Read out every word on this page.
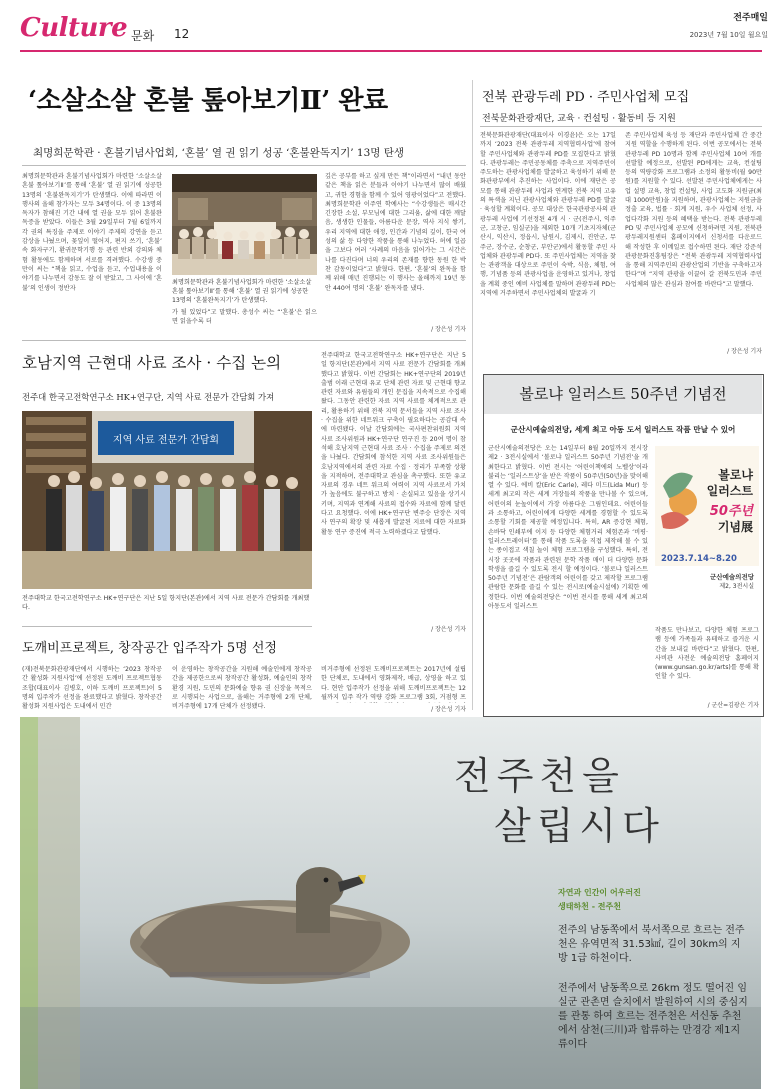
Culture 문화 12
전주매일
2023년 7월 10일 월요일
‘소살소살 혼불 톺아보기Ⅱ’ 완료
최명희문학관 · 혼불기념사업회, ‘혼불’ 열 권 읽기 성공 ‘혼불완독지기’ 13명 탄생

최명희문학관과 혼불기념사업회가 마련한 ‘소살소살 혼불 톺아보기Ⅱ’를 통해 ‘혼불’ 열 권 읽기에 성공한 13명의 ‘혼불완독지기’가 탄생했다. 이에 따라면 이 행사의 올해 참가자는 모두 34명이다. 이 중 13명의 독자가 참해진 기간 내에 열 권을 모두 읽어 혼불완독증을 받았다. 이들은 3월 29일부터 7월 6일까지 각 권의 특징을 주제로 이야기 주제의 강연을 듣고 감상을 나눴으며, 꽃잎이 떨어지, 편지 쓰기, ‘혼불’ 속 화자구기, 환귀문학기행 등 관련 반외 강의와 체험 활동에도 함께하며 서로를 격려했다. 수강생 중 만이 씨는 “책을 읽고, 수업을 듣고, 수업내용을 이야기를 나누면서 감동도 잘 이 받았고, 그 사이에 ‘혼불’의 인생이 정반자

최명희문학관과 혼불기념사업회가 마련한 ‘소살소살 혼불 톺아보기Ⅱ’를 통해 ‘혼불’ 열 권 읽기에 성공한 13명의 ‘혼불완독지기’가 탄생했다.

가 될 있었다”고 말했다. 총성수 씨는 “‘혼불’은 읽으면 읽을수록 더

깊은 공부를 하고 싶게 만든 책”이라면서 “내년 동안 같은 책을 읽은 분들과 이야기 나누면서 많이 배웠고, 귀한 경험을 함께 수 있어 영광이었다”고 전했다. 최명희문학관 이주연 학예사는 “수강생들은 매시간 긴장한 소설, 부모님에 대한 그리움, 삶에 대한 깨달음, 생생한 인물들, 아름다운 문장, 역사 지식 쌓기, 우리 지역에 대한 애정, 인간과 기념의 깊이, 한국 여성의 삶 등 다양한 작품을 통해 나누었다. 허에 일곱을 그보다 여러 ‘사례의 마음을 읽어가는 그 시간은 나를 다진다며 너의 우리의 존재를 향한 동원 한 박찬 감동이었다”고 밝혔다. 한편, ‘혼불’의 완독을 함께 위해 매년 진행되는 이 행사는 올해까지 19년 동안 440여 명의 ‘혼불’ 완독자를 냈다.

/ 장은성 기자
전북 관광두레 PD · 주민사업체 모집
전북문화관광재단, 교육 · 컨설팅 · 활동비 등 지원

전북문화관광재단(대표이사 이경윤)은 오는 17일까지 ‘2023 전북 관광두레 지역협력사업’에 참여할 주민사업체와 관광두레 PD를 모집한다고 밝혔다. 관광두레는 주민공동체를 주축으로 지역주민이 주도하는 관광사업체를 발굴하고 육성하기 위해 문화관광부에서 추진하는 사업이다. 이에 재단은 공모를 통해 관광두레 사업과 연계한 전북 지역 고유의 특색을 지닌 관광사업체와 관광두레 PD를 발굴 · 육성할 계획이다. 공모 대상은 한국관광공사의 관광두레 사업에 기선정된 4개 시 · 군(전주시, 익주군, 고창군, 임실군)을 제외한 10개 기초지자체(군산시, 익산시, 정읍시, 남원시, 김제시, 진안군, 무주군, 장수군, 순창군, 부안군)에서 활동할 주민 사업체와 관광두레 PD다. 또 주민사업체는 지역을 찾는 관광객을 대상으로 주민이 숙박, 식음, 체험, 여행, 기념품 등의 관광사업을 운영하고 있거나, 창업을 계획 중인 예비 사업체를 말하며 관광두레 PD는 지역에 거주하면서 주민사업체의 발굴과 기

존 주민사업체 육성 등 재단과 주민사업체 간 중간 지원 역할을 수행하게 된다. 이번 공모에서는 전북 관광두레 PD 10명과 함께 주민사업체 10여 개를 선발할 예정으로, 선발된 PD에게는 교육, 컨설팅 등의 역량강화 프로그램과 소정의 활동비(월 90만원)를 지원할 수 있다. 선발된 주민사업체에게는 사업 설명 교육, 창업 컨설팅, 사업 고도화 지원금(최대 1000만원)을 지원하며, 관광사업체는 지원금을 정출 교육, 법률 · 회계 지원, 우수 사업체 선정, 사업다각화 지원 등의 혜택을 받는다. 전북 관광두레 PD 및 주민사업체 공모에 신청하려면 지원, 전북관광두레지원센터 홈페이지에서 신청서를 다운로드해 작성한 후 이메일로 접수하면 된다. 재단 강준석 관광문화진흥팀장은 “전북 관광두레 지역협력사업을 통해 지역주민의 관광산업의 기반을 구축하고자 한다”며 “지역 관광을 이끌어 갈 전북도민과 주민사업체의 많은 관심과 참여를 바란다”고 말했다.

/ 장은성 기자
호남지역 근현대 사료 조사 · 수집 논의
전주대 한국고전학연구소 HK+연구단, 지역 사료 전문가 간담회 가져
지역 사료 전문가 간담회
전주대학교 한국고전학연구소 HK+연구단은 지난 5일 항지단(본관)에서 지역 사료 전문가 간담회를 개최했다.

전주대학교 한국고전학연구소 HK+연구단은 지난 5일 항지단(본관)에서 지역 사료 전문가 간담회를 개최했다고 밝혔다. 이번 간담회는 HK+연구단의 2019년 출범 이래 근현대 유교 단체 관련 자료 및 근현대 향교 관련 자료와 유림들의 개인 문집을 지속적으로 수집해 왔다. 그동안 관련한 자료 지역 사료를 체계적으로 관리, 활용하기 위해 전북 지역 문서들을 지역 사료 조사 · 수집을 위한 네트워크 구축이 필요하다는 공감대 속에 마련됐다. 이날 간담회에는 국사편찬위원회 지역 사료 조사위원과 HK+연구단 연구진 등 20여 명이 참석해 호남지역 근현대 사료 조사 · 수집을 주제로 의견을 나눴다. 간담회에 참석한 지역 사료 조사위원들은 호남지역에서의 관련 자료 수집 · 정리가 부족함 상황을 지적하며, 전주대학교 관심을 촉구했다. 또한 유교 자료의 경우 네트 워크의 여력이 지역 사료로서 가치가 높음에도 불구하고 방치 · 손실되고 있음을 상기시키며, 지역과 연계해 사료의 접수와 자료에 함께 달린다고 요청했다. 이에 HK+연구단 변주승 단장은 지역사 연구의 확장 및 새롭게 발굴된 지료에 대한 자료화 활동 연구 증진에 적극 노력하겠다고 답했다.

/ 장은성 기자
도깨비프로젝트, 창작공간 입주작가 5명 선정

(재)전북문화관광재단에서 시행하는 ‘2023 창작공간 활성화 지원사업’에 선정된 도깨비 프로젝트협동조합(대표이사 김병호, 이하 도깨비 프로젝트)이 5명의 입주작가 선정을 완료했다고 밝혔다. 창작공간 활성화 지원사업은 도내에서 민간

이 운영하는 창작공간을 지원해 예술인에게 창작공간을 제공한으로써 창작공간 활성화, 예술인의 창작환경 지원, 도민의 문화예술 향유 권 신장을 목적으로 시행되는 사업으로, 올해는 거주형에 2개 단체, 비거주형에 17개 단체가 선정됐다.

비거주형에 선정된 도깨비프로젝트는 2017년에 설립한 단체로, 도내에서 영화제작, 배급, 상영을 하고 있다. 현안 입주작가 선정을 위해 도깨비프로젝트는 12월까지 입주 작가 역량 강화 프로그램 3회, 거점형 프

/ 장은성 기자
볼로냐 일러스트 50주년 기념전
군산시예술의전당, 세계 최고 아동 도서 일러스트 작품 만날 수 있어

군산시예술의전당은 오는 14일부터 8월 20일까지 전시장 제2 · 3전시실에서 ‘볼로냐 일러스트 50주년 기념전’을 개최한다고 밝혔다. 이번 전시는 ‘어린이책에의 노벨상’이라 불리는 ‘일러스트상’을 받은 작품이 50주년(50년)을 맞이해 열 수 있다. 에비 칼(Eric Carle), 레다 미드(Lida Mur) 등 세계 최고의 작은 세계 거장들의 작품을 만나볼 수 있으며, 어린이의 눈높이에서 가장 아름다운 그림인데요. 어린이들과 소통하고, 어린이에게 다양한 세계를 경험할 수 있도록 소통할 기회를 제공할 예정입니다. 특히, AR 증강현 체험, 손바닥 인쇄부에 이지 등 다양한 체험거리 체험존과 ‘비평·일러스트레이터’를 통해 작품 도록을 직접 제작해 볼 수 있는 종이접고 색칠 놀이 체험 프로그램을 구성했다. 특히, 전시장 곳곳에 작품과 관련된 문학 작품 매이 더 다양한 문화학생을 즐길 수 있도록 전시 할 예정이다. ‘볼로냐 일러스트 50주년 기념전’은 관람객의 어린이를 갖고 제작할 프로그램 관람한 문화를 즐길 수 있는 전시로(예술시설에) 기획한 예정한다. 이번 예술의전당은 “이번 전시를 통해 세계 최고의 아동도서 일러스트

볼로냐
일러스트
50주년
기념展
2023.7.14~8.20
군산예술의전당
제2, 3전시실

작품도 만나보고, 다양한 체험 프로그램 등에 가족들과 유테하고 즐거운 시간을 보내길 바란다”고 밝혔다. 한편, 사비관 사전운 예술의전당 홈페이지(www.gunsan.go.kr/arts)를 통해 확인할 수 있다.

/ 군산=김광은 기자
전주천을
살립시다
자연과 인간이 어우러진
생태하천 - 전주천
전주의 남동쪽에서 북서쪽으로 흐르는 전주천은 유역면적 31.53㎢, 길이 30km의 지방 1급 하천이다.
전주에서 남동쪽으로 26km 정도 떨어진 임실군 관촌면 슬치에서 발원하여 시의 중심지를 관통 하여 흐르는 전주천은 서신동 추천에서 삼천(三川)과 합류하는 만경강 제1지류이다
